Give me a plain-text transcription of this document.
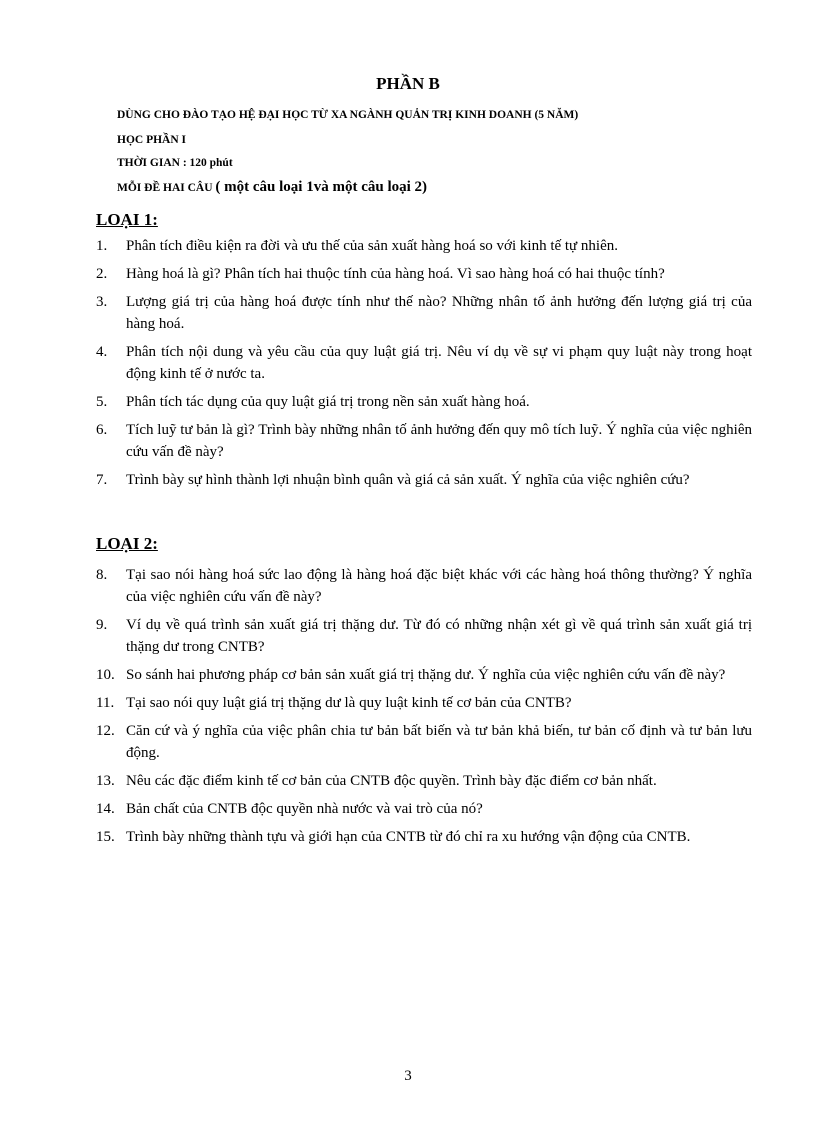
PHẦN B
DÙNG CHO ĐÀO TẠO HỆ ĐẠI HỌC TỪ XA NGÀNH QUẢN TRỊ KINH DOANH (5 NĂM)
HỌC PHẦN I
THỜI GIAN : 120 phút
MỖI ĐỀ HAI CÂU ( một câu loại 1và một câu loại 2)
LOẠI 1:
1.	Phân tích điều kiện ra đời và ưu thế của sản xuất hàng hoá so với kinh tế tự nhiên.
2.	Hàng hoá là gì? Phân tích hai thuộc tính của hàng hoá. Vì sao hàng hoá có hai thuộc tính?
3.	Lượng giá trị của hàng hoá được tính như thế nào? Những nhân tố ảnh hưởng đến lượng giá trị của hàng hoá.
4.	Phân tích nội dung và yêu cầu của quy luật giá trị. Nêu ví dụ về sự vi phạm quy luật này trong hoạt động kinh tế ở nước ta.
5.	Phân tích tác dụng của quy luật giá trị trong nền sản xuất hàng hoá.
6.	Tích luỹ tư bản là gì? Trình bày những nhân tố ảnh hưởng đến quy mô tích luỹ. Ý nghĩa của việc nghiên cứu vấn đề này?
7.	Trình bày sự hình thành lợi nhuận bình quân và giá cả sản xuất. Ý nghĩa của việc nghiên cứu?
LOẠI 2:
8.	Tại sao nói hàng hoá sức lao động là hàng hoá đặc biệt khác với các hàng hoá thông thường? Ý nghĩa của việc nghiên cứu vấn đề này?
9.	Ví dụ về quá trình sản xuất giá trị thặng dư. Từ đó có những nhận xét gì về quá trình sản xuất giá trị thặng dư trong CNTB?
10. So sánh hai phương pháp cơ bản sản xuất giá trị thặng dư. Ý nghĩa của việc nghiên cứu vấn đề này?
11. Tại sao nói quy luật giá trị thặng dư là quy luật kinh tế cơ bản của CNTB?
12. Căn cứ và ý nghĩa của việc phân chia tư bản bất biến và tư bản khả biến, tư bản cố định và tư bản lưu động.
13. Nêu các đặc điểm kinh tế cơ bản của CNTB độc quyền. Trình bày đặc điểm cơ bản nhất.
14. Bản chất của CNTB độc quyền nhà nước và vai trò của nó?
15. Trình bày những thành tựu và giới hạn của CNTB từ đó chỉ ra xu hướng vận động của CNTB.
3
